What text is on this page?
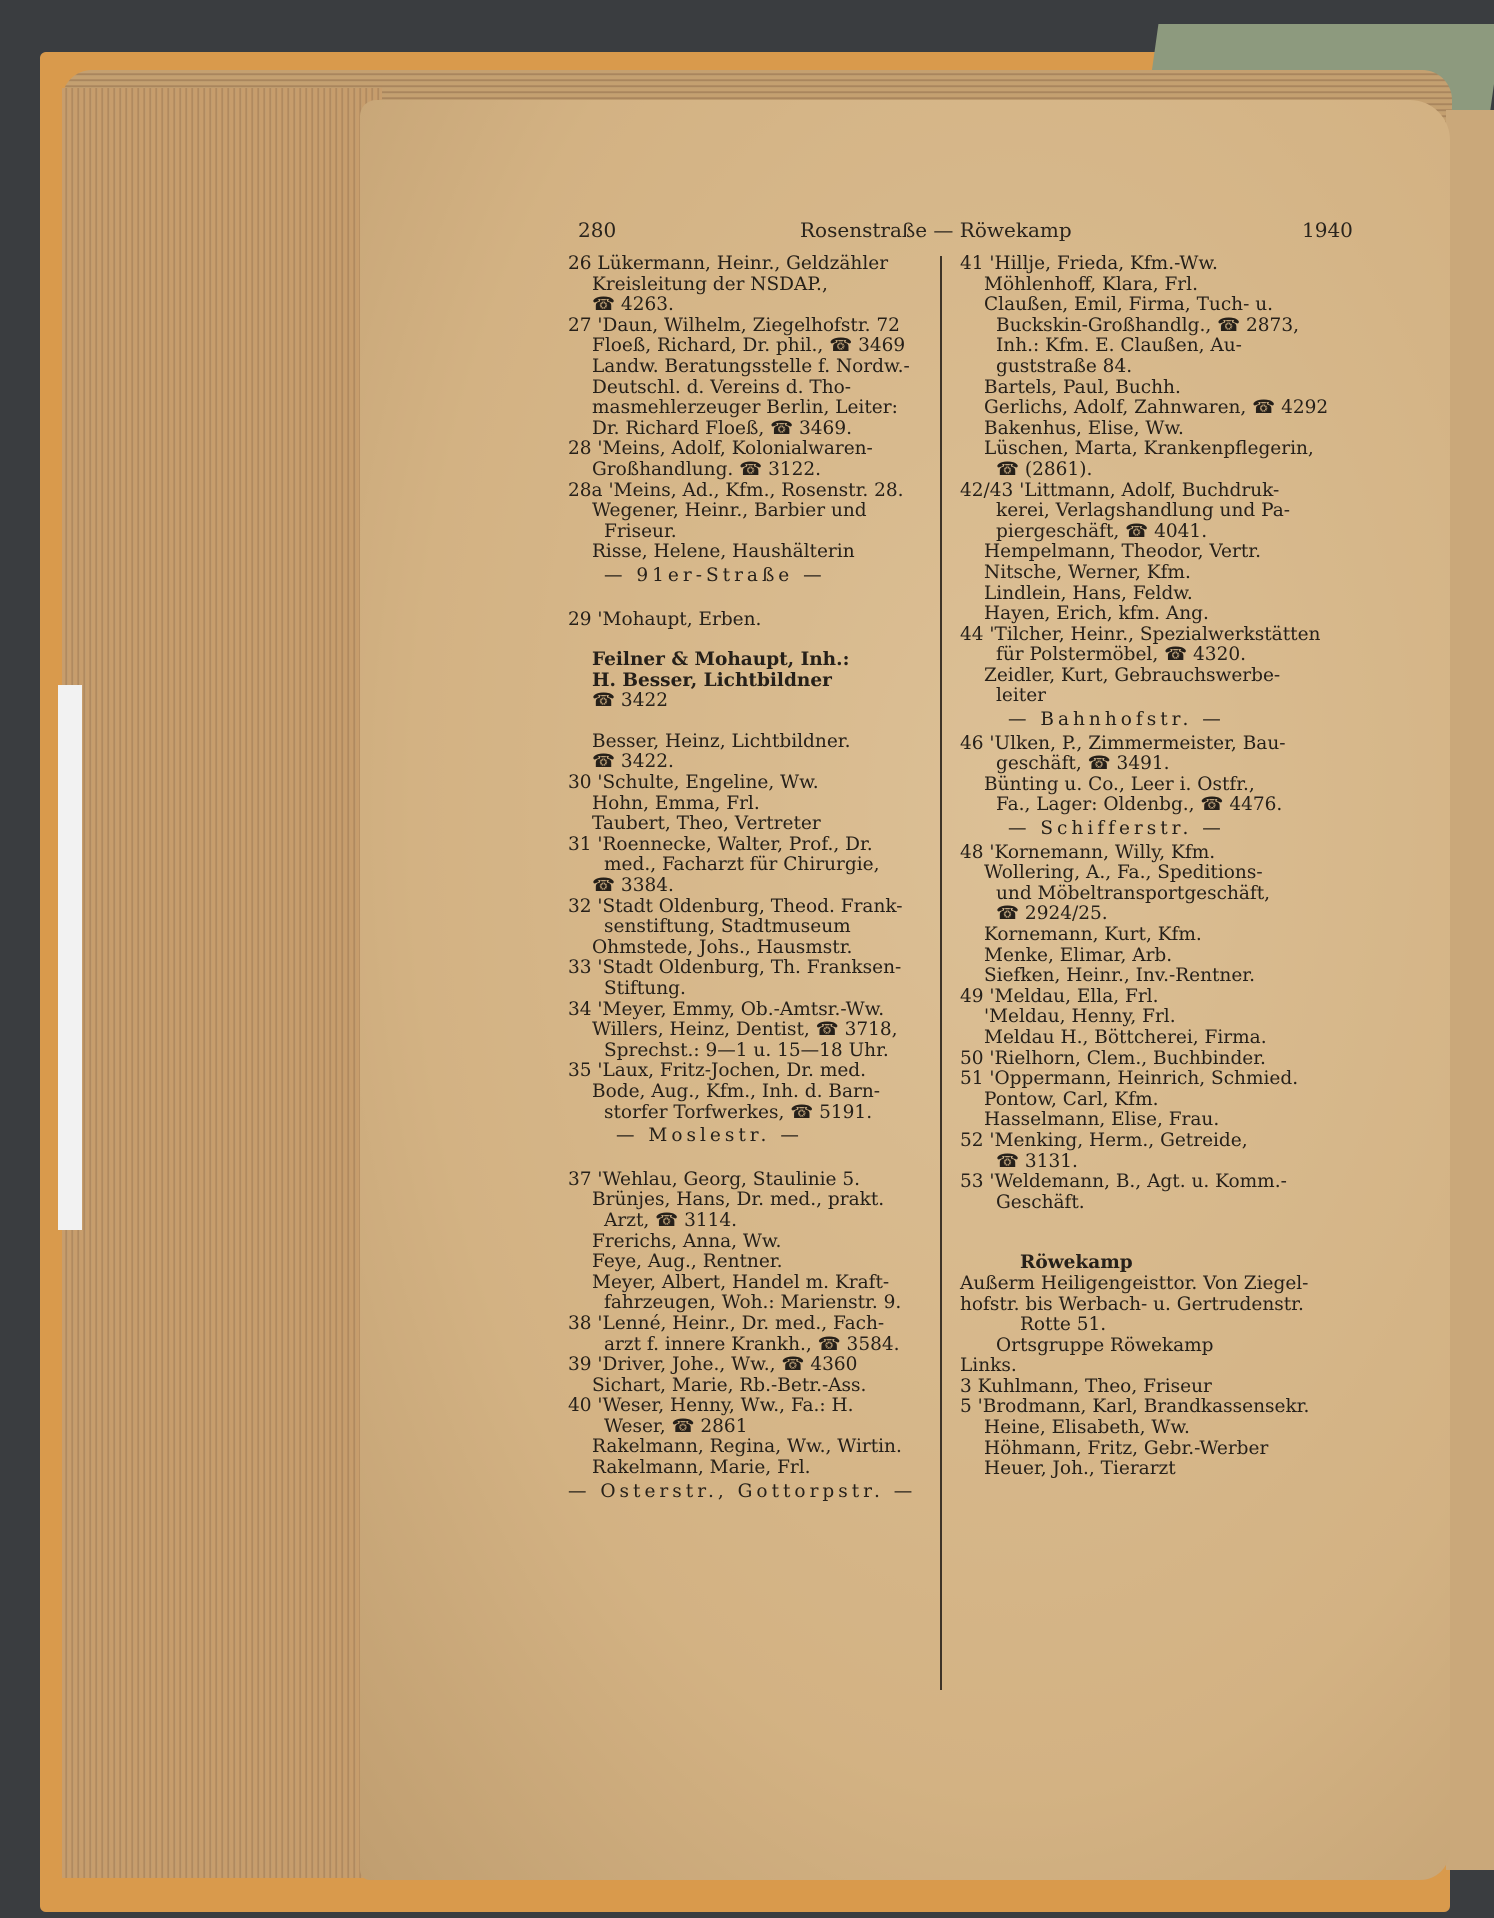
280	Rosenstraße — Röwekamp	1940
26 Lükermann, Heinr., Geldzähler
Kreisleitung der NSDAP.,
☎ 4263.
27 'Daun, Wilhelm, Ziegelhofstr. 72
Floeß, Richard, Dr. phil., ☎ 3469
Landw. Beratungsstelle f. Nordw.-
Deutschl. d. Vereins d. Tho-
masmehlerzeuger Berlin, Leiter:
Dr. Richard Floeß, ☎ 3469.
28 'Meins, Adolf, Kolonialwaren-
Großhandlung. ☎ 3122.
28a 'Meins, Ad., Kfm., Rosenstr. 28.
Wegener, Heinr., Barbier und
Friseur.
Risse, Helene, Haushälterin
— 91er-Straße —
29 'Mohaupt, Erben.
Feilner & Mohaupt, Inh.:
H. Besser, Lichtbildner
☎ 3422
Besser, Heinz, Lichtbildner.
☎ 3422.
30 'Schulte, Engeline, Ww.
Hohn, Emma, Frl.
Taubert, Theo, Vertreter
31 'Roennecke, Walter, Prof., Dr.
med., Facharzt für Chirurgie,
☎ 3384.
32 'Stadt Oldenburg, Theod. Frank-
senstiftung, Stadtmuseum
Ohmstede, Johs., Hausmstr.
33 'Stadt Oldenburg, Th. Franksen-
Stiftung.
34 'Meyer, Emmy, Ob.-Amtsr.-Ww.
Willers, Heinz, Dentist, ☎ 3718,
Sprechst.: 9—1 u. 15—18 Uhr.
35 'Laux, Fritz-Jochen, Dr. med.
Bode, Aug., Kfm., Inh. d. Barn-
storfer Torfwerkes, ☎ 5191.
— Moslestr. —
37 'Wehlau, Georg, Staulinie 5.
Brünjes, Hans, Dr. med., prakt.
Arzt, ☎ 3114.
Frerichs, Anna, Ww.
Feye, Aug., Rentner.
Meyer, Albert, Handel m. Kraft-
fahrzeugen, Woh.: Marienstr. 9.
38 'Lenné, Heinr., Dr. med., Fach-
arzt f. innere Krankh., ☎ 3584.
39 'Driver, Johe., Ww., ☎ 4360
Sichart, Marie, Rb.-Betr.-Ass.
40 'Weser, Henny, Ww., Fa.: H.
Weser, ☎ 2861
Rakelmann, Regina, Ww., Wirtin.
Rakelmann, Marie, Frl.
— Osterstr., Gottorpstr. —
41 'Hillje, Frieda, Kfm.-Ww.
Möhlenhoff, Klara, Frl.
Claußen, Emil, Firma, Tuch- u.
Buckskin-Großhandlg., ☎ 2873,
Inh.: Kfm. E. Claußen, Au-
guststraße 84.
Bartels, Paul, Buchh.
Gerlichs, Adolf, Zahnwaren, ☎ 4292
Bakenhus, Elise, Ww.
Lüschen, Marta, Krankenpflegerin,
☎ (2861).
42/43 'Littmann, Adolf, Buchdruk-
kerei, Verlagshandlung und Pa-
piergeschäft, ☎ 4041.
Hempelmann, Theodor, Vertr.
Nitsche, Werner, Kfm.
Lindlein, Hans, Feldw.
Hayen, Erich, kfm. Ang.
44 'Tilcher, Heinr., Spezialwerkstätten
für Polstermöbel, ☎ 4320.
Zeidler, Kurt, Gebrauchswerbe-
leiter
— Bahnhofstr. —
46 'Ulken, P., Zimmermeister, Bau-
geschäft, ☎ 3491.
Bünting u. Co., Leer i. Ostfr.,
Fa., Lager: Oldenbg., ☎ 4476.
— Schifferstr. —
48 'Kornemann, Willy, Kfm.
Wollering, A., Fa., Speditions-
und Möbeltransportgeschäft,
☎ 2924/25.
Kornemann, Kurt, Kfm.
Menke, Elimar, Arb.
Siefken, Heinr., Inv.-Rentner.
49 'Meldau, Ella, Frl.
'Meldau, Henny, Frl.
Meldau H., Böttcherei, Firma.
50 'Rielhorn, Clem., Buchbinder.
51 'Oppermann, Heinrich, Schmied.
Pontow, Carl, Kfm.
Hasselmann, Elise, Frau.
52 'Menking, Herm., Getreide,
☎ 3131.
53 'Weldemann, B., Agt. u. Komm.-
Geschäft.
Röwekamp
Außerm Heiligengeisttor. Von Ziegel-
hofstr. bis Werbach- u. Gertrudenstr.
Rotte 51.
Ortsgruppe Röwekamp
Links.
3 Kuhlmann, Theo, Friseur
5 'Brodmann, Karl, Brandkassensekr.
Heine, Elisabeth, Ww.
Höhmann, Fritz, Gebr.-Werber
Heuer, Joh., Tierarzt
